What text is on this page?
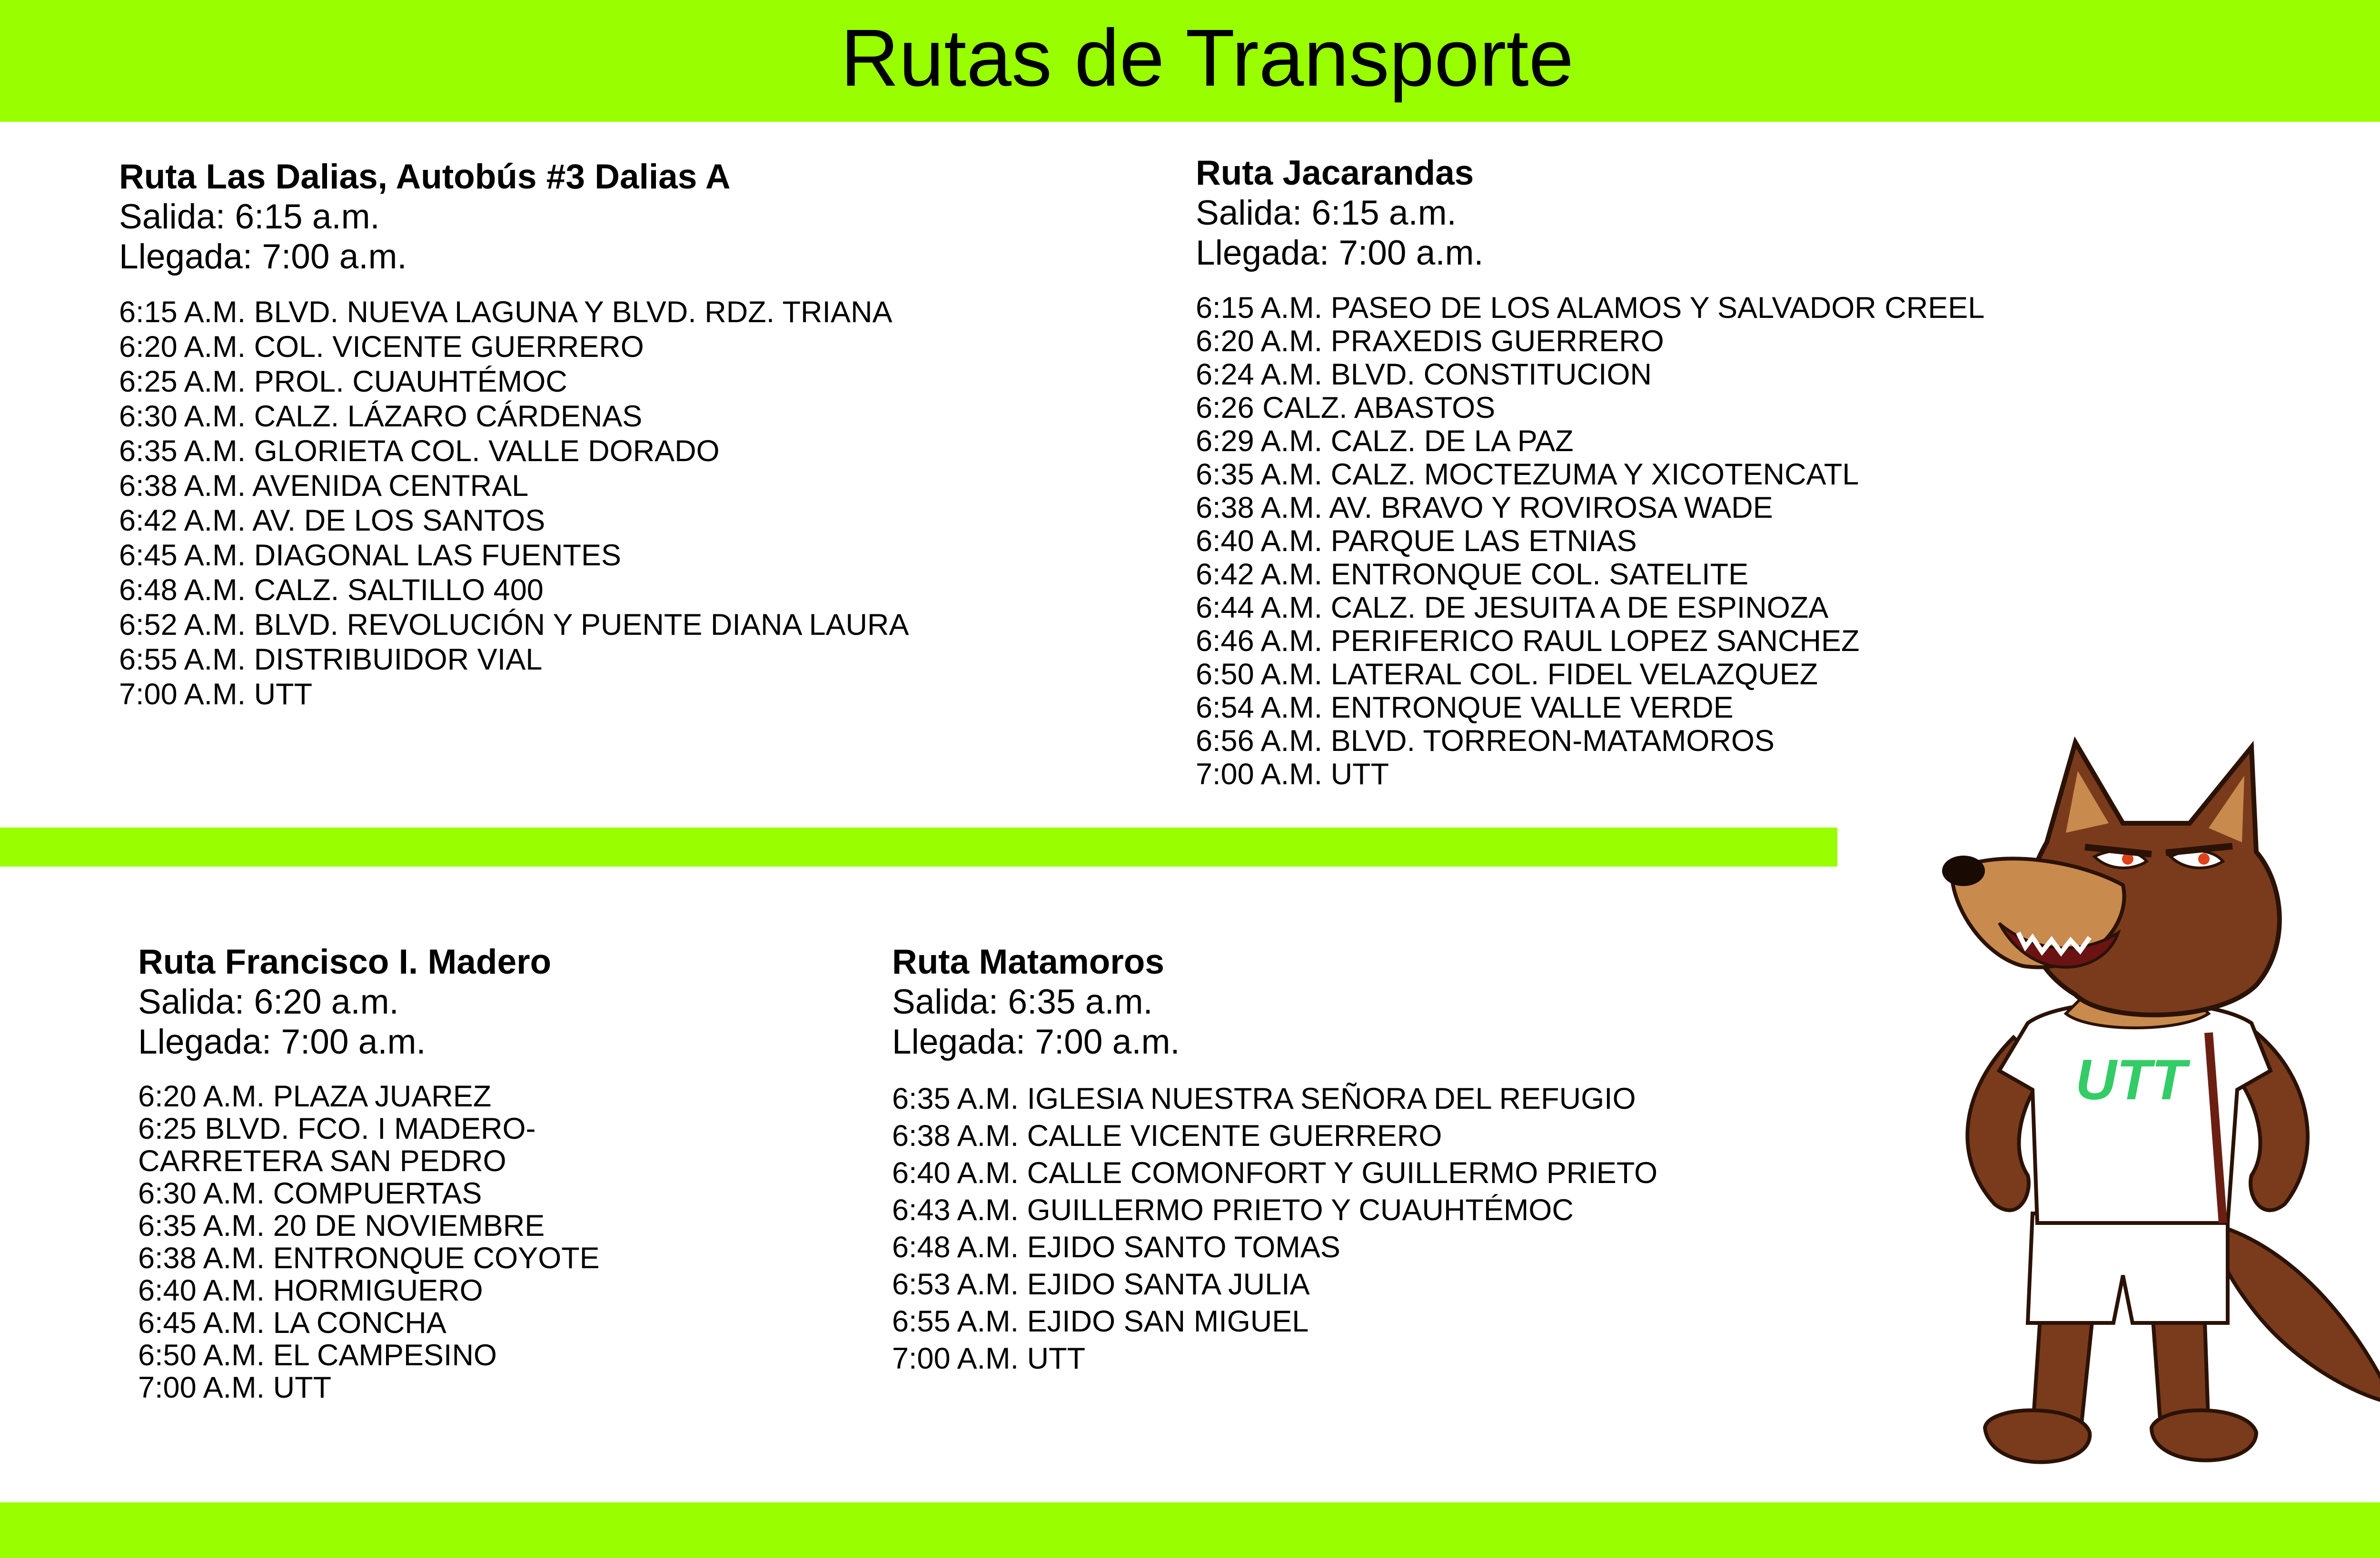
Rutas de Transporte
Ruta Las Dalias, Autobús #3 Dalias A
Salida: 6:15 a.m.
Llegada: 7:00 a.m.
6:15 A.M. BLVD. NUEVA LAGUNA Y BLVD. RDZ. TRIANA
6:20 A.M. COL. VICENTE GUERRERO
6:25 A.M. PROL. CUAUHTÉMOC
6:30 A.M. CALZ. LÁZARO CÁRDENAS
6:35 A.M. GLORIETA COL. VALLE DORADO
6:38 A.M. AVENIDA CENTRAL
6:42 A.M. AV. DE LOS SANTOS
6:45 A.M. DIAGONAL LAS FUENTES
6:48 A.M. CALZ. SALTILLO 400
6:52 A.M. BLVD. REVOLUCIÓN Y PUENTE DIANA LAURA
6:55 A.M. DISTRIBUIDOR VIAL
7:00 A.M. UTT
Ruta Jacarandas
Salida: 6:15 a.m.
Llegada: 7:00 a.m.
6:15 A.M. PASEO DE LOS ALAMOS Y SALVADOR CREEL
6:20 A.M. PRAXEDIS GUERRERO
6:24 A.M. BLVD. CONSTITUCION
6:26 CALZ. ABASTOS
6:29 A.M. CALZ. DE LA PAZ
6:35 A.M. CALZ. MOCTEZUMA Y XICOTENCATL
6:38 A.M. AV. BRAVO Y ROVIROSA WADE
6:40 A.M. PARQUE LAS ETNIAS
6:42 A.M. ENTRONQUE COL. SATELITE
6:44 A.M. CALZ. DE JESUITA A DE ESPINOZA
6:46 A.M. PERIFERICO RAUL LOPEZ SANCHEZ
6:50 A.M. LATERAL COL. FIDEL VELAZQUEZ
6:54 A.M. ENTRONQUE VALLE VERDE
6:56 A.M. BLVD. TORREON-MATAMOROS
7:00 A.M. UTT
Ruta Francisco I. Madero
Salida: 6:20 a.m.
Llegada: 7:00 a.m.
6:20 A.M. PLAZA JUAREZ
6:25 BLVD. FCO. I MADERO-
CARRETERA SAN PEDRO
6:30 A.M. COMPUERTAS
6:35 A.M. 20 DE NOVIEMBRE
6:38 A.M. ENTRONQUE COYOTE
6:40 A.M. HORMIGUERO
6:45 A.M. LA CONCHA
6:50 A.M. EL CAMPESINO
7:00 A.M. UTT
Ruta Matamoros
Salida: 6:35 a.m.
Llegada: 7:00 a.m.
6:35 A.M. IGLESIA NUESTRA SEÑORA DEL REFUGIO
6:38 A.M. CALLE VICENTE GUERRERO
6:40 A.M. CALLE COMONFORT Y GUILLERMO PRIETO
6:43 A.M. GUILLERMO PRIETO Y CUAUHTÉMOC
6:48 A.M. EJIDO SANTO TOMAS
6:53 A.M. EJIDO SANTA JULIA
6:55 A.M. EJIDO SAN MIGUEL
7:00 A.M. UTT
UTT
